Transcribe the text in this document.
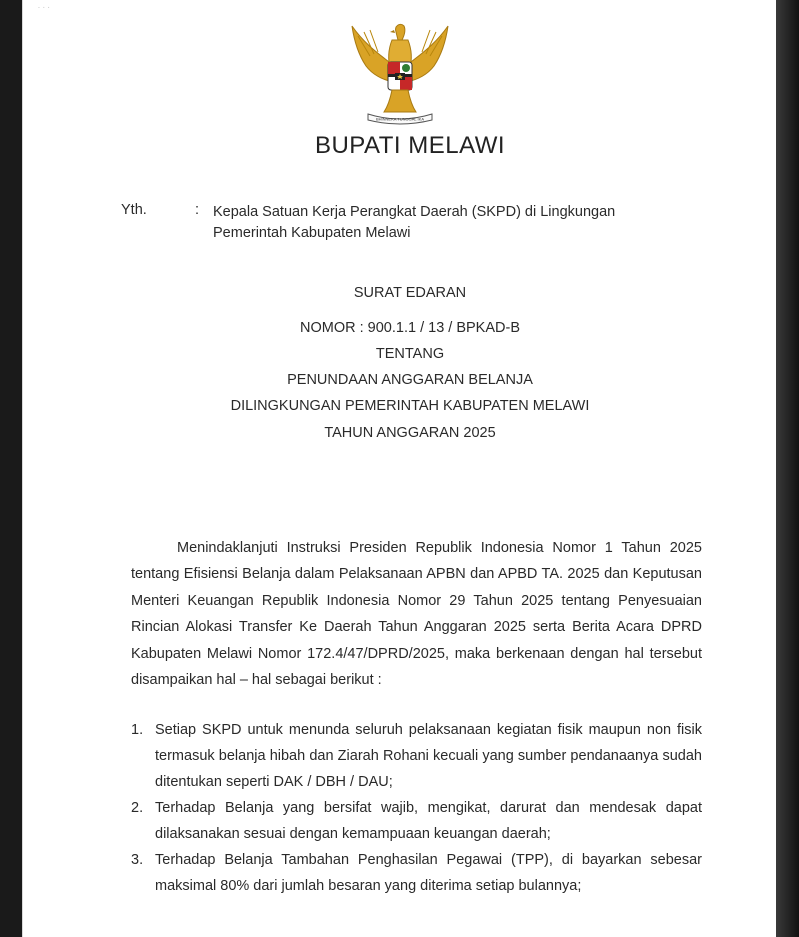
˙ ˙ ˙
BHINNEKA TUNGGAL IKA
BUPATI MELAWI
Yth.	: Kepala Satuan Kerja Perangkat Daerah (SKPD) di Lingkungan
Pemerintah Kabupaten Melawi
SURAT EDARAN
NOMOR : 900.1.1 / 13 / BPKAD-B
TENTANG
PENUNDAAN ANGGARAN BELANJA
DILINGKUNGAN PEMERINTAH KABUPATEN MELAWI
TAHUN ANGGARAN 2025
Menindaklanjuti Instruksi Presiden Republik Indonesia Nomor 1 Tahun 2025 tentang Efisiensi Belanja dalam Pelaksanaan APBN dan APBD TA. 2025 dan Keputusan Menteri Keuangan Republik Indonesia Nomor 29 Tahun 2025 tentang Penyesuaian Rincian Alokasi Transfer Ke Daerah Tahun Anggaran 2025 serta Berita Acara DPRD Kabupaten Melawi Nomor 172.4/47/DPRD/2025, maka berkenaan dengan hal tersebut disampaikan hal – hal sebagai berikut :
1. Setiap SKPD untuk menunda seluruh pelaksanaan kegiatan fisik maupun non fisik termasuk belanja hibah dan Ziarah Rohani kecuali yang sumber pendanaanya sudah ditentukan seperti DAK / DBH / DAU;
2. Terhadap Belanja yang bersifat wajib, mengikat, darurat dan mendesak dapat dilaksanakan sesuai dengan kemampuaan keuangan daerah;
3. Terhadap Belanja Tambahan Penghasilan Pegawai (TPP), di bayarkan sebesar maksimal 80% dari jumlah besaran yang diterima setiap bulannya;
